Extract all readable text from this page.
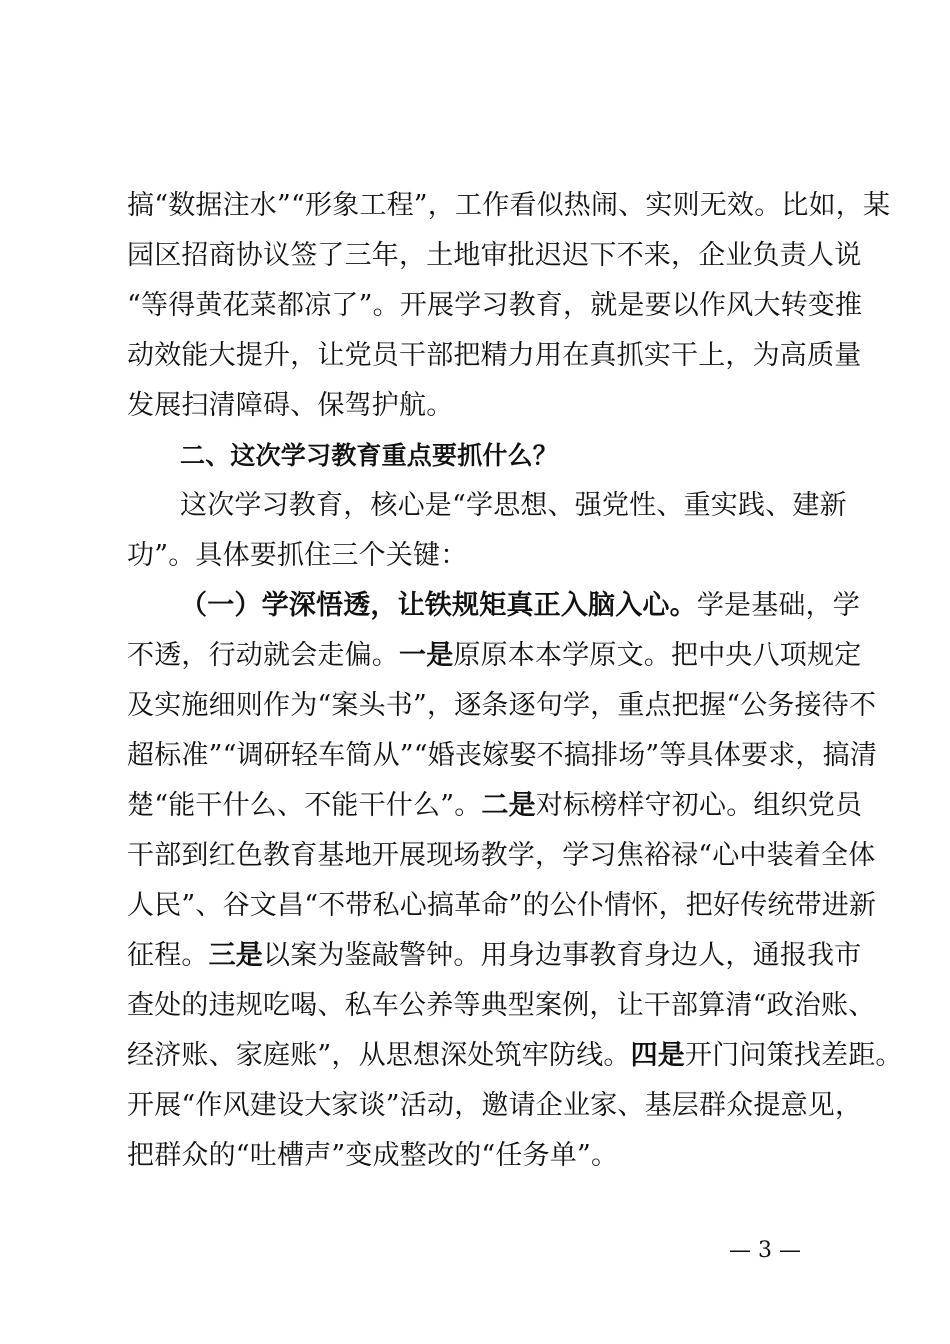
搞“数据注水”“形象工程”，工作看似热闹、实则无效。比如，某
园区招商协议签了三年，土地审批迟迟下不来，企业负责人说
“等得黄花菜都凉了”。开展学习教育，就是要以作风大转变推
动效能大提升，让党员干部把精力用在真抓实干上，为高质量
发展扫清障碍、保驾护航。
二、这次学习教育重点要抓什么？
这次学习教育，核心是“学思想、强党性、重实践、建新
功”。具体要抓住三个关键：
（一）学深悟透，让铁规矩真正入脑入心。学是基础，学
不透，行动就会走偏。一是原原本本学原文。把中央八项规定
及实施细则作为“案头书”，逐条逐句学，重点把握“公务接待不
超标准”“调研轻车简从”“婚丧嫁娶不搞排场”等具体要求，搞清
楚“能干什么、不能干什么”。二是对标榜样守初心。组织党员
干部到红色教育基地开展现场教学，学习焦裕禄“心中装着全体
人民”、谷文昌“不带私心搞革命”的公仆情怀，把好传统带进新
征程。三是以案为鉴敲警钟。用身边事教育身边人，通报我市
查处的违规吃喝、私车公养等典型案例，让干部算清“政治账、
经济账、家庭账”，从思想深处筑牢防线。四是开门问策找差距。
开展“作风建设大家谈”活动，邀请企业家、基层群众提意见，
把群众的“吐槽声”变成整改的“任务单”。
— 3 —
